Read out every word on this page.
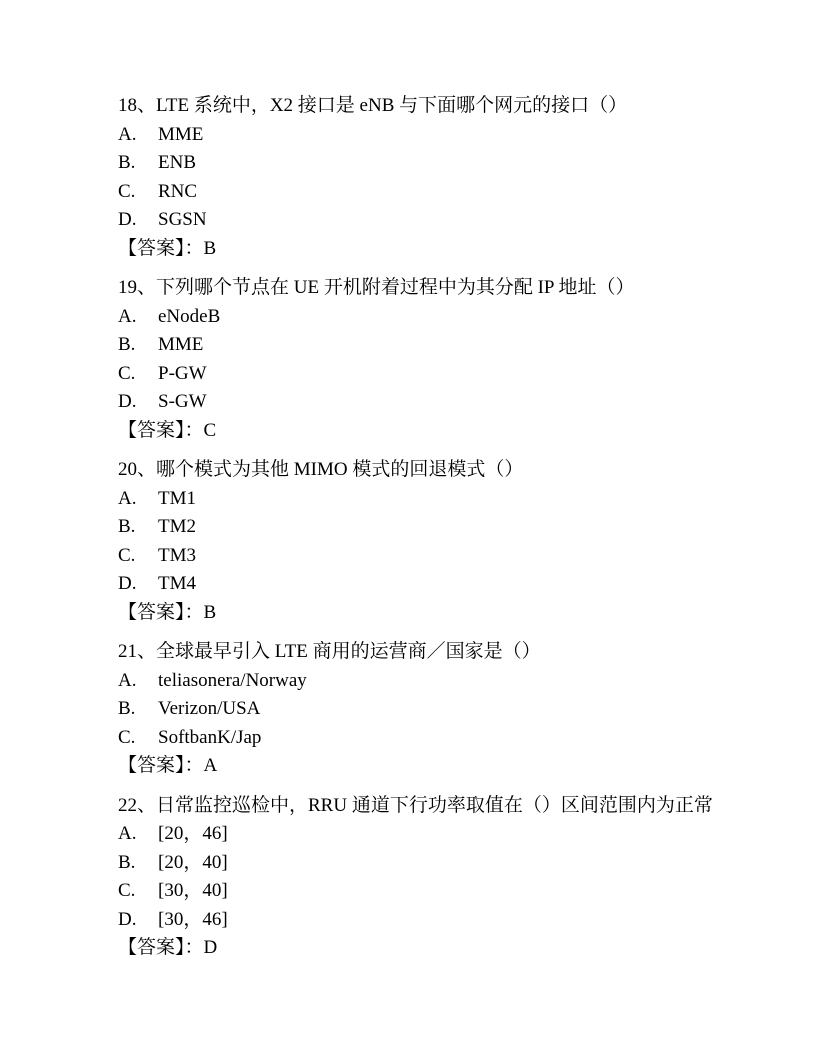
18、LTE 系统中，X2 接口是 eNB 与下面哪个网元的接口（）

A. MME

B. ENB

C. RNC

D. SGSN

【答案】：B

19、下列哪个节点在 UE 开机附着过程中为其分配 IP 地址（）

A. eNodeB

B. MME

C. P-GW

D. S-GW

【答案】：C

20、哪个模式为其他 MIMO 模式的回退模式（）

A. TM1

B. TM2

C. TM3

D. TM4

【答案】：B

21、全球最早引入 LTE 商用的运营商／国家是（）

A. teliasonera/Norway

B. Verizon/USA

C. SoftbanK/Jap

【答案】：A

22、日常监控巡检中，RRU 通道下行功率取值在（）区间范围内为正常

A. [20，46]

B. [20，40]

C. [30，40]

D. [30，46]

【答案】：D
